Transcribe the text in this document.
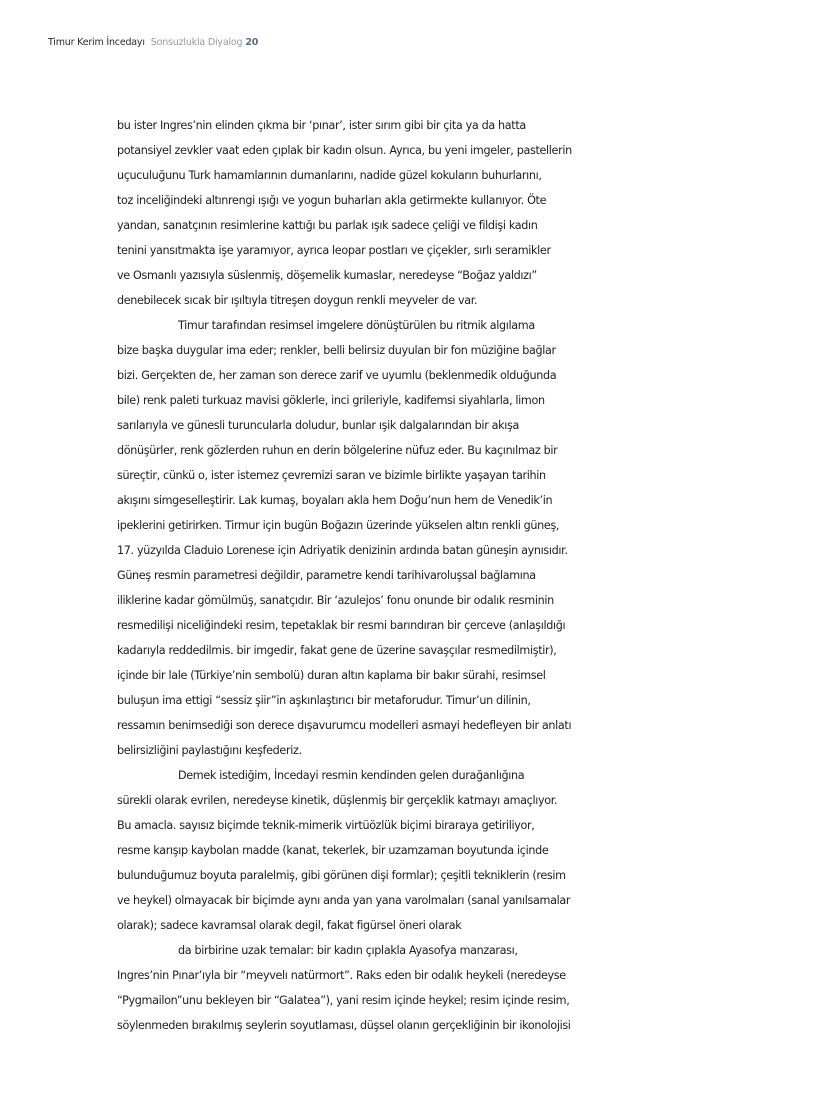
Timur Kerim İncedayı Sonsuzlukla Diyalog 20
bu ister Ingres’nin elinden çıkma bir ‘pınar’, ister sırım gibi bir çita ya da hatta
potansiyel zevkler vaat eden çıplak bir kadın olsun. Ayrıca, bu yeni imgeler, pastellerin
uçuculuğunu Turk hamamlarının dumanlarını, nadide güzel kokuların buhurlarını,
toz inceliğindeki altınrengi ışığı ve yogun buharları akla getirmekte kullanıyor. Öte
yandan, sanatçının resimlerine kattığı bu parlak ışık sadece çeliği ve fildişi kadın
tenini yansıtmakta işe yaramıyor, ayrıca leopar postları ve çiçekler, sırlı seramikler
ve Osmanlı yazısıyla süslenmiş, döşemelik kumaslar, neredeyse “Boğaz yaldızı”
denebilecek sıcak bir ışıltıyla titreşen doygun renkli meyveler de var.
Timur tarafından resimsel imgelere dönüştürülen bu ritmik algılama
bize başka duygular ima eder; renkler, belli belirsiz duyulan bir fon müziğine bağlar
bizi. Gerçekten de, her zaman son derece zarif ve uyumlu (beklenmedik olduğunda
bile) renk paleti turkuaz mavisi göklerle, inci grileriyle, kadifemsi siyahlarla, limon
sarılarıyla ve günesli turuncularla doludur, bunlar ışik dalgalarından bir akışa
dönüşürler, renk gözlerden ruhun en derin bölgelerine nüfuz eder. Bu kaçınılmaz bir
süreçtir, cünkü o, ister istemez çevremizi saran ve bizimle birlikte yaşayan tarihin
akışını simgeselleştirir. Lak kumaş, boyaları akla hem Doğu’nun hem de Venedik’in
ipeklerini getirirken. Tirmur için bugün Boğazın üzerinde yükselen altın renkli güneş,
17. yüzyılda Claduio Lorenese için Adriyatik denizinin ardında batan güneşin aynısıdır.
Güneş resmin parametresi değildir, parametre kendi tarihivaroluşsal bağlamına
iliklerine kadar gömülmüş, sanatçıdır. Bir ‘azulejos’ fonu onunde bir odalık resminin
resmedilişi niceliğindeki resim, tepetaklak bir resmi barındıran bir çerceve (anlaşıldığı
kadarıyla reddedilmis. bir imgedir, fakat gene de üzerine savaşçılar resmedilmiştir),
içinde bir lale (Türkiye’nin sembolü) duran altın kaplama bir bakır sürahi, resimsel
buluşun ima ettigi “sessiz şiir”in aşkınlaştırıcı bir metaforudur. Timur’un dilinin,
ressamın benimsediği son derece dışavurumcu modelleri asmayi hedefleyen bir anlatı
belirsizliğini paylastığını keşfederiz.
Demek istediğim, İncedayi resmin kendinden gelen durağanlığına
sürekli olarak evrilen, neredeyse kinetik, düşlenmiş bir gerçeklik katmayı amaçlıyor.
Bu amacla. sayısız biçimde teknik-mimerik virtüözlük biçimi biraraya getiriliyor,
resme karışıp kaybolan madde (kanat, tekerlek, bir uzamzaman boyutunda içinde
bulunduğumuz boyuta paralelmiş, gibi görünen dişi formlar); çeşitli tekniklerin (resim
ve heykel) olmayacak bir biçimde aynı anda yan yana varolmaları (sanal yanılsamalar
olarak); sadece kavramsal olarak degil, fakat figürsel öneri olarak
da birbirine uzak temalar: bir kadın çıplakla Ayasofya manzarası,
Ingres’nin Pınar’ıyla bir “meyvelı natürmort”. Raks eden bir odalık heykeli (neredeyse
“Pygmailon”unu bekleyen bir “Galatea”), yani resim içinde heykel; resim içinde resim,
söylenmeden bırakılmış seylerin soyutlaması, düşsel olanın gerçekliğinin bir ikonolojisi
